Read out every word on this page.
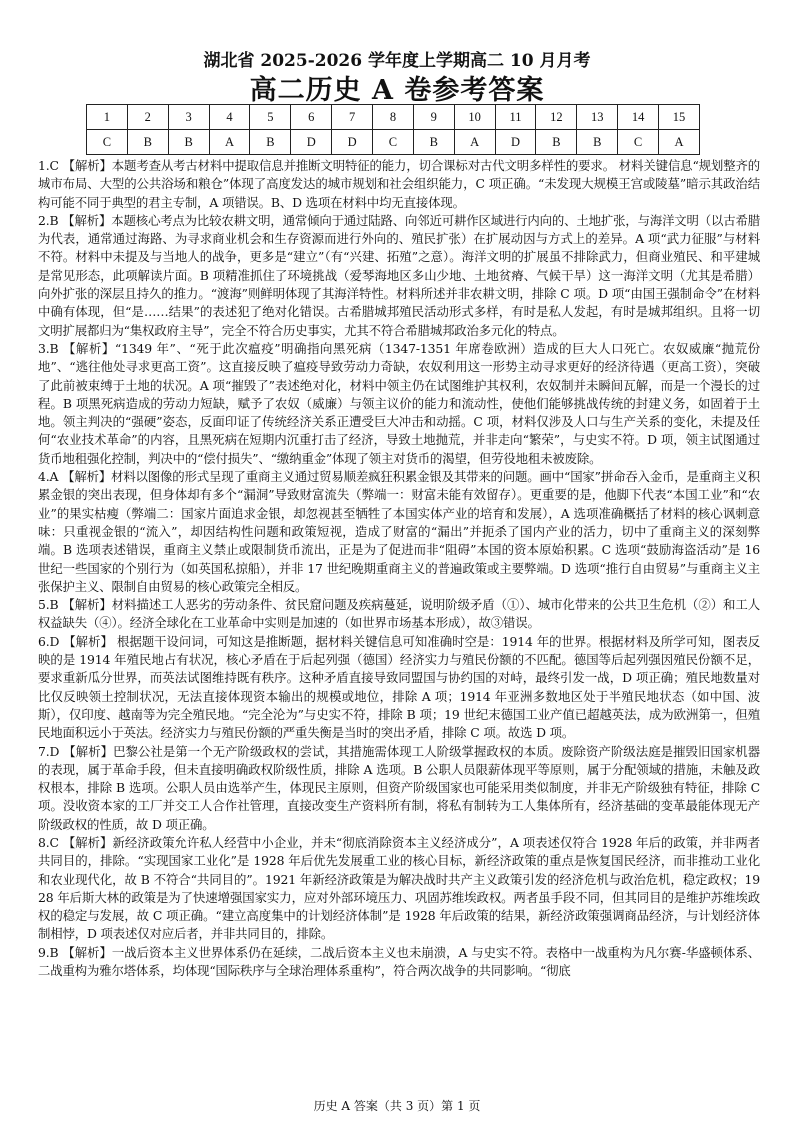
湖北省 2025-2026 学年度上学期高二 10 月月考
高二历史 A 卷参考答案
1	2	3	4	5	6	7	8	9	10	11	12	13	14	15
C	B	B	A	B	D	D	C	B	A	D	B	B	C	A

1.C 【解析】本题考查从考古材料中提取信息并推断文明特征的能力，切合课标对古代文明多样性的要求。 材料关键信息“规划整齐的城市布局、大型的公共浴场和粮仓”体现了高度发达的城市规划和社会组织能力，C 项正确。“未发现大规模王宫或陵墓”暗示其政治结构可能不同于典型的君主专制，A 项错误。B、D 选项在材料中均无直接体现。

2.B 【解析】本题核心考点为比较农耕文明，通常倾向于通过陆路、向邻近可耕作区域进行内向的、土地扩张，与海洋文明（以古希腊为代表，通常通过海路、为寻求商业机会和生存资源而进行外向的、殖民扩张）在扩展动因与方式上的差异。A 项“武力征服”与材料不符。材料中未提及与当地人的战争，更多是“建立”（有“兴建、拓殖”之意）。海洋文明的扩展虽不排除武力，但商业殖民、和平建城是常见形态，此项解读片面。B 项精准抓住了环境挑战（爱琴海地区多山少地、土地贫瘠、气候干旱）这一海洋文明（尤其是希腊）向外扩张的深层且持久的推力。“渡海”则鲜明体现了其海洋特性。材料所述并非农耕文明，排除 C 项。D 项“由国王强制命令”在材料中确有体现，但“是……结果”的表述犯了绝对化错误。古希腊城邦殖民活动形式多样，有时是私人发起，有时是城邦组织。且将一切文明扩展都归为“集权政府主导”，完全不符合历史事实，尤其不符合希腊城邦政治多元化的特点。

3.B 【解析】“1349 年”、“死于此次瘟疫”明确指向黑死病（1347-1351 年席卷欧洲）造成的巨大人口死亡。农奴威廉“抛荒份地”、“逃往他处寻求更高工资”。这直接反映了瘟疫导致劳动力奇缺，农奴利用这一形势主动寻求更好的经济待遇（更高工资），突破了此前被束缚于土地的状况。A 项“摧毁了”表述绝对化，材料中领主仍在试图维护其权利，农奴制并未瞬间瓦解，而是一个漫长的过程。B 项黑死病造成的劳动力短缺，赋予了农奴（威廉）与领主议价的能力和流动性，使他们能够挑战传统的封建义务，如固着于土地。领主判决的“强硬”姿态，反面印证了传统经济关系正遭受巨大冲击和动摇。C 项，材料仅涉及人口与生产关系的变化，未提及任何“农业技术革命”的内容，且黑死病在短期内沉重打击了经济，导致土地抛荒，并非走向“繁荣”，与史实不符。D 项，领主试图通过货币地租强化控制，判决中的“偿付损失”、“缴纳重金”体现了领主对货币的渴望，但劳役地租未被废除。

4.A 【解析】材料以图像的形式呈现了重商主义通过贸易顺差疯狂积累金银及其带来的问题。画中“国家”拼命吞入金币，是重商主义积累金银的突出表现，但身体却有多个“漏洞”导致财富流失（弊端一：财富未能有效留存）。更重要的是，他脚下代表“本国工业”和“农业”的果实枯瘦（弊端二：国家片面追求金银，却忽视甚至牺牲了本国实体产业的培育和发展），A 选项准确概括了材料的核心讽刺意味：只重视金银的“流入”，却因结构性问题和政策短视，造成了财富的“漏出”并扼杀了国内产业的活力，切中了重商主义的深刻弊端。B 选项表述错误，重商主义禁止或限制货币流出，正是为了促进而非“阻碍”本国的资本原始积累。C 选项“鼓励海盗活动”是 16 世纪一些国家的个别行为（如英国私掠船），并非 17 世纪晚期重商主义的普遍政策或主要弊端。D 选项“推行自由贸易”与重商主义主张保护主义、限制自由贸易的核心政策完全相反。

5.B 【解析】材料描述工人恶劣的劳动条件、贫民窟问题及疾病蔓延，说明阶级矛盾（①）、城市化带来的公共卫生危机（②）和工人权益缺失（④）。经济全球化在工业革命中实则是加速的（如世界市场基本形成），故③错误。

6.D 【解析】 根据题干设问词，可知这是推断题，据材料关键信息可知准确时空是：1914 年的世界。根据材料及所学可知，图表反映的是 1914 年殖民地占有状况，核心矛盾在于后起列强（德国）经济实力与殖民份额的不匹配。德国等后起列强因殖民份额不足，要求重新瓜分世界，而英法试图维持既有秩序。这种矛盾直接导致同盟国与协约国的对峙，最终引发一战，D 项正确；殖民地数量对比仅反映领土控制状况，无法直接体现资本输出的规模或地位，排除 A 项；1914 年亚洲多数地区处于半殖民地状态（如中国、波斯），仅印度、越南等为完全殖民地。“完全沦为”与史实不符，排除 B 项；19 世纪末德国工业产值已超越英法，成为欧洲第一，但殖民地面积远小于英法。经济实力与殖民份额的严重失衡是当时的突出矛盾，排除 C 项。故选 D 项。

7.D 【解析】巴黎公社是第一个无产阶级政权的尝试，其措施需体现工人阶级掌握政权的本质。废除资产阶级法庭是摧毁旧国家机器的表现，属于革命手段，但未直接明确政权阶级性质，排除 A 选项。B 公职人员限薪体现平等原则，属于分配领域的措施，未触及政权根本，排除 B 选项。公职人员由选举产生，体现民主原则，但资产阶级国家也可能采用类似制度，并非无产阶级独有特征，排除 C 项。没收资本家的工厂并交工人合作社管理，直接改变生产资料所有制，将私有制转为工人集体所有，经济基础的变革最能体现无产阶级政权的性质，故 D 项正确。

8.C 【解析】新经济政策允许私人经营中小企业，并未“彻底消除资本主义经济成分”，A 项表述仅符合 1928 年后的政策，并非两者共同目的，排除。“实现国家工业化”是 1928 年后优先发展重工业的核心目标，新经济政策的重点是恢复国民经济，而非推动工业化和农业现代化，故 B 不符合“共同目的”。1921 年新经济政策是为解决战时共产主义政策引发的经济危机与政治危机，稳定政权；1928 年后斯大林的政策是为了快速增强国家实力，应对外部环境压力、巩固苏维埃政权。两者虽手段不同，但其同目的是维护苏维埃政权的稳定与发展，故 C 项正确。“建立高度集中的计划经济体制”是 1928 年后政策的结果，新经济政策强调商品经济，与计划经济体制相悖，D 项表述仅对应后者，并非共同目的，排除。

9.B 【解析】一战后资本主义世界体系仍在延续，二战后资本主义也未崩溃，A 与史实不符。表格中一战重构为凡尔赛-华盛顿体系、二战重构为雅尔塔体系，均体现“国际秩序与全球治理体系重构”，符合两次战争的共同影响。“彻底

历史 A 答案（共 3 页）第 1 页
